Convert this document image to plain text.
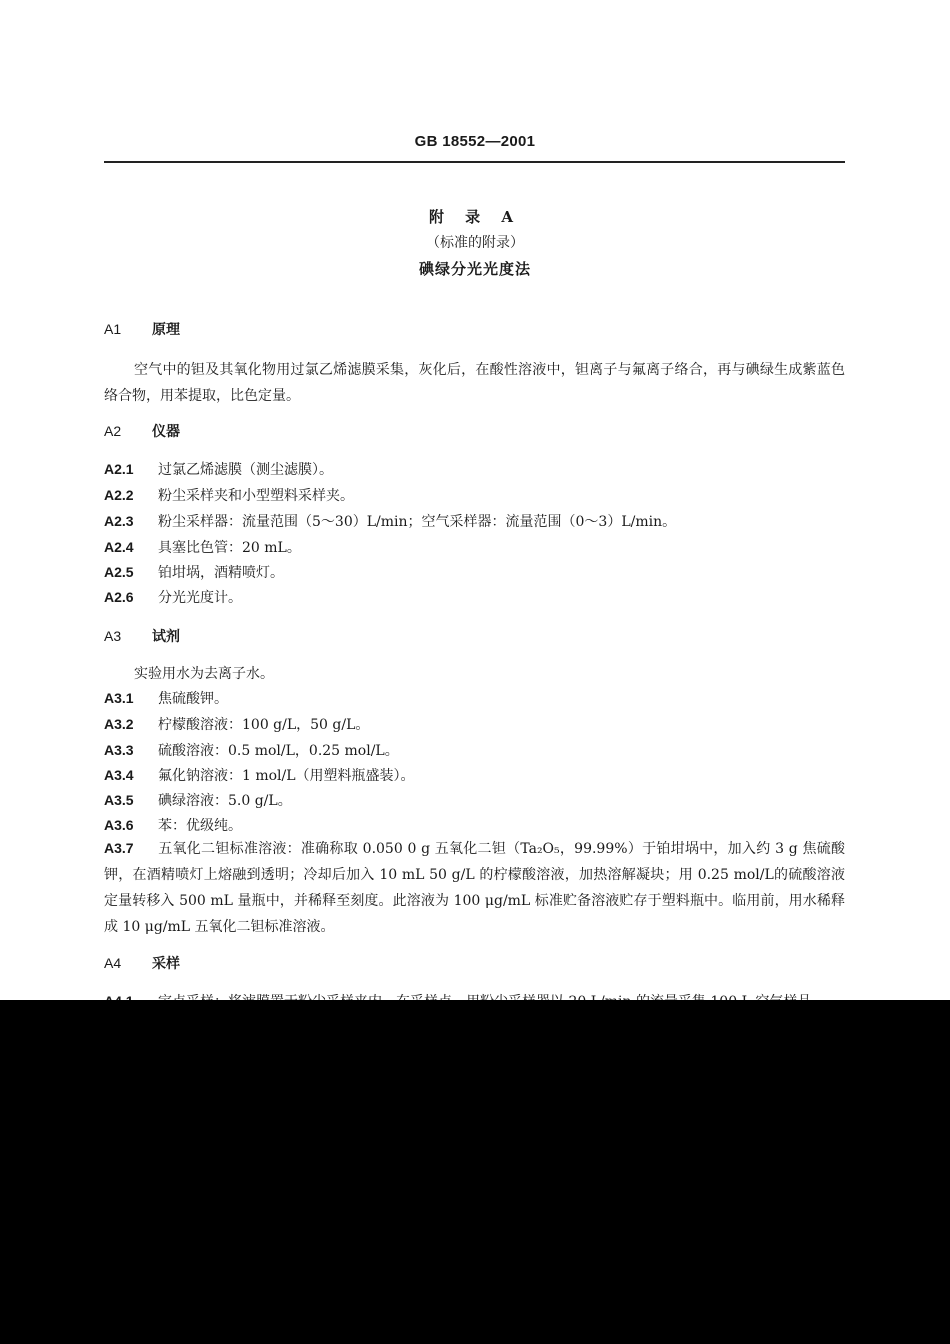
GB 18552—2001
附 录 A
（标准的附录）
碘绿分光光度法
A1 原理
空气中的钽及其氧化物用过氯乙烯滤膜采集，灰化后，在酸性溶液中，钽离子与氟离子络合，再与碘绿生成紫蓝色络合物，用苯提取，比色定量。
A2 仪器
A2.1 过氯乙烯滤膜（测尘滤膜）。
A2.2 粉尘采样夹和小型塑料采样夹。
A2.3 粉尘采样器：流量范围（5～30）L/min；空气采样器：流量范围（0～3）L/min。
A2.4 具塞比色管：20 mL。
A2.5 铂坩埚，酒精喷灯。
A2.6 分光光度计。
A3 试剂
实验用水为去离子水。
A3.1 焦硫酸钾。
A3.2 柠檬酸溶液：100 g/L，50 g/L。
A3.3 硫酸溶液：0.5 mol/L，0.25 mol/L。
A3.4 氟化钠溶液：1 mol/L（用塑料瓶盛装）。
A3.5 碘绿溶液：5.0 g/L。
A3.6 苯：优级纯。
A3.7 五氧化二钽标准溶液：准确称取 0.050 0 g 五氧化二钽（Ta₂O₅，99.99%）于铂坩埚中，加入约 3 g 焦硫酸钾，在酒精喷灯上熔融到透明；冷却后加入 10 mL 50 g/L 的柠檬酸溶液，加热溶解凝块；用 0.25 mol/L的硫酸溶液定量转移入 500 mL 量瓶中，并稀释至刻度。此溶液为 100 μg/mL 标准贮备溶液贮存于塑料瓶中。临用前，用水稀释成 10 μg/mL 五氧化二钽标准溶液。
A4 采样
